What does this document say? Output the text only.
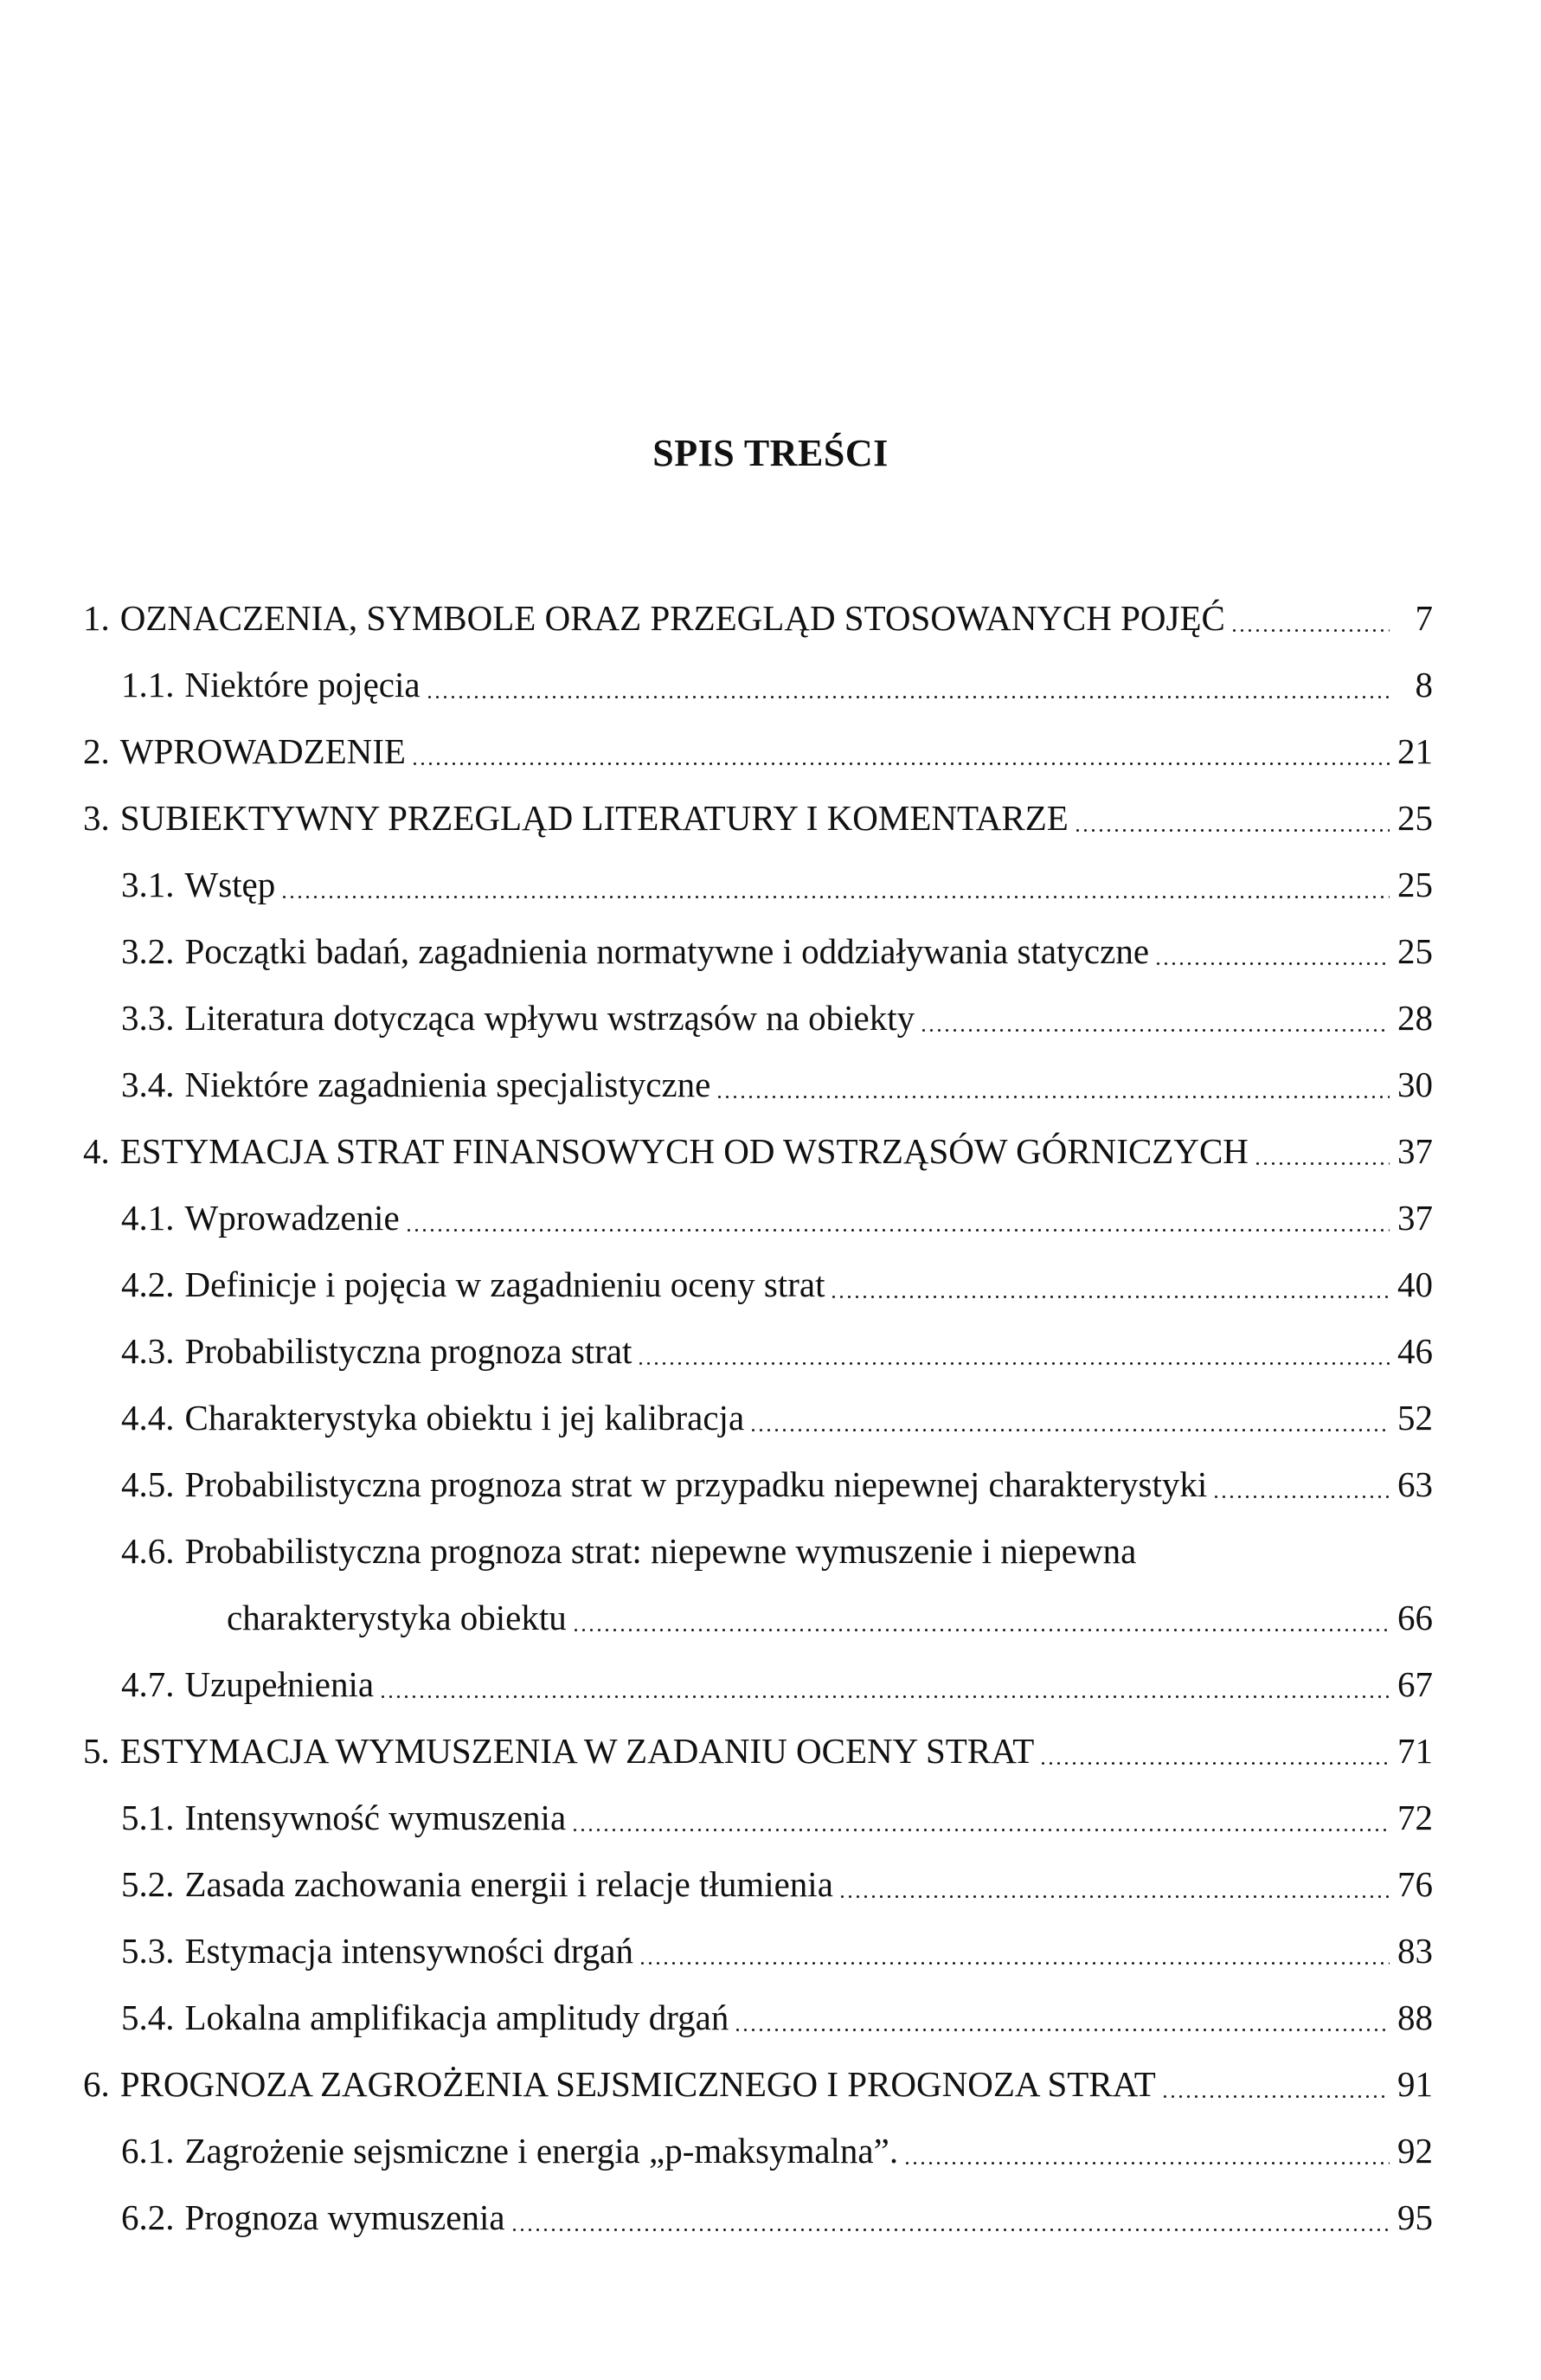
SPIS TREŚCI
1. OZNACZENIA, SYMBOLE ORAZ PRZEGLĄD STOSOWANYCH POJĘĆ	7
1.1. Niektóre pojęcia	8
2. WPROWADZENIE	21
3. SUBIEKTYWNY PRZEGLĄD LITERATURY I KOMENTARZE	25
3.1. Wstęp	25
3.2. Początki badań, zagadnienia normatywne i oddziaływania statyczne	25
3.3. Literatura dotycząca wpływu wstrząsów na obiekty	28
3.4. Niektóre zagadnienia specjalistyczne	30
4. ESTYMACJA STRAT FINANSOWYCH OD WSTRZĄSÓW GÓRNICZYCH	37
4.1. Wprowadzenie	37
4.2. Definicje i pojęcia w zagadnieniu oceny strat	40
4.3. Probabilistyczna prognoza strat	46
4.4. Charakterystyka obiektu i jej kalibracja	52
4.5. Probabilistyczna prognoza strat w przypadku niepewnej charakterystyki	63
4.6. Probabilistyczna prognoza strat: niepewne wymuszenie i niepewna
charakterystyka obiektu	66
4.7. Uzupełnienia	67
5. ESTYMACJA WYMUSZENIA W ZADANIU OCENY STRAT	71
5.1. Intensywność wymuszenia	72
5.2. Zasada zachowania energii i relacje tłumienia	76
5.3. Estymacja intensywności drgań	83
5.4. Lokalna amplifikacja amplitudy drgań	88
6. PROGNOZA ZAGROŻENIA SEJSMICZNEGO I PROGNOZA STRAT	91
6.1. Zagrożenie sejsmiczne i energia „p-maksymalna”.	92
6.2. Prognoza wymuszenia	95
